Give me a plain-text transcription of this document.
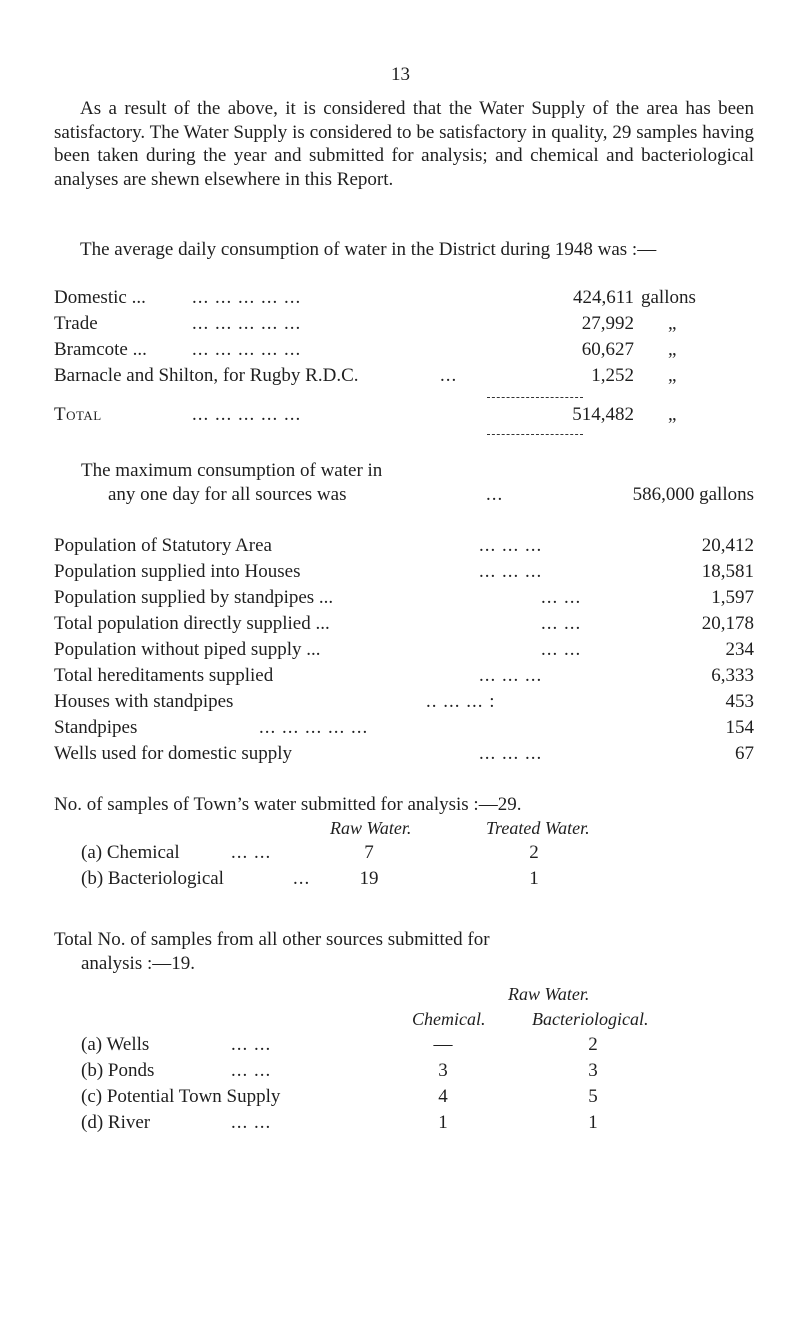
13

As a result of the above, it is considered that the Water Supply of the area has been satisfactory. The Water Supply is considered to be satisfactory in quality, 29 samples having been taken during the year and submitted for analysis; and chemical and bacteriological analyses are shewn elsewhere in this Report.

The average daily consumption of water in the District during 1948 was :—

Domestic ... ... ... ... ... ...	424,611 gallons
Trade	... ... ... ... ...	27,992 „
Bramcote ... ... ... ... ... ...	60,627 „
Barnacle and Shilton, for Rugby R.D.C.	...	1,252 „
Total	... ... ... ... ...	514,482 „
The maximum consumption of water in
any one day for all sources was	...	586,000 gallons
Population of Statutory Area	... ... ...	20,412
Population supplied into Houses	... ... ...	18,581
Population supplied by standpipes ...	... ...	1,597
Total population directly supplied ...	... ...	20,178
Population without piped supply ...	... ...	234
Total hereditaments supplied	... ... ...	6,333
Houses with standpipes	.. ... ... :	453
Standpipes	... ... ... ... ...	154
Wells used for domestic supply	... ... ...	67
No. of samples of Town’s water submitted for analysis :—29.
Raw Water.	Treated Water.
(a) Chemical	... ...	7	2
(b) Bacteriological	...	19	1
Total No. of samples from all other sources submitted for
analysis :—19.
Raw Water.
Chemical.	Bacteriological.
(a) Wells	... ...	—	2
(b) Ponds	... ...	3	3
(c) Potential Town Supply	4	5
(d) River	... ...	1	1
